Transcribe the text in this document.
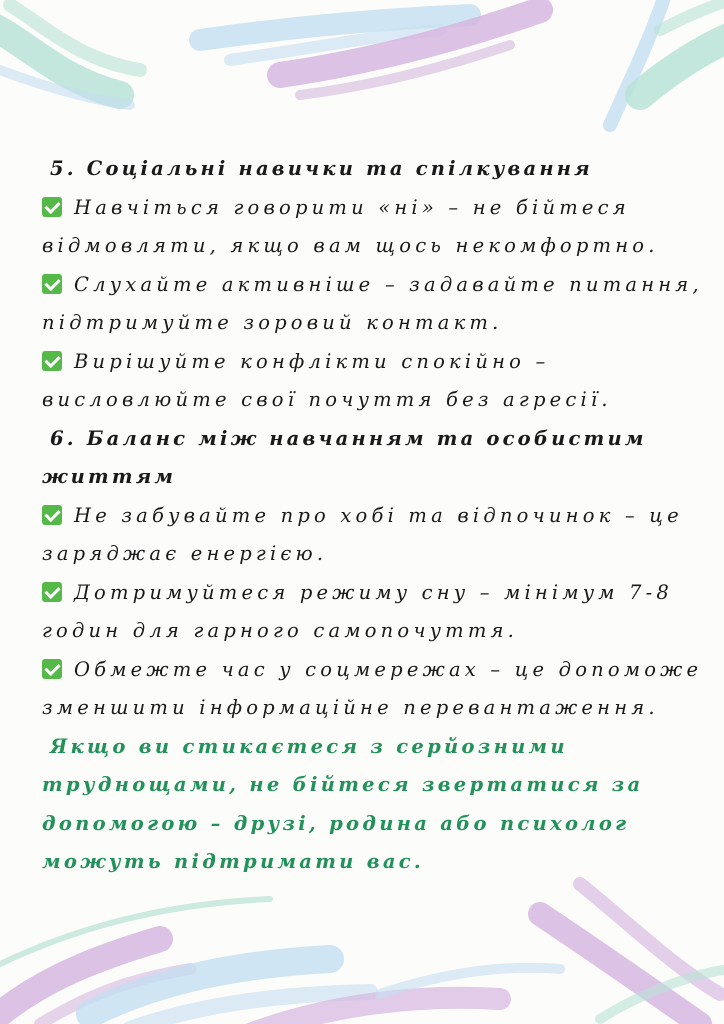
5. Соціальні навички та спілкування
Навчіться говорити «ні» – не бійтеся
відмовляти, якщо вам щось некомфортно.
Слухайте активніше – задавайте питання,
підтримуйте зоровий контакт.
Вирішуйте конфлікти спокійно –
висловлюйте свої почуття без агресії.
6. Баланс між навчанням та особистим
життям
Не забувайте про хобі та відпочинок – це
заряджає енергією.
Дотримуйтеся режиму сну – мінімум 7-8
годин для гарного самопочуття.
Обмежте час у соцмережах – це допоможе
зменшити інформаційне перевантаження.
Якщо ви стикаєтеся з серйозними
труднощами, не бійтеся звертатися за
допомогою – друзі, родина або психолог
можуть підтримати вас.
